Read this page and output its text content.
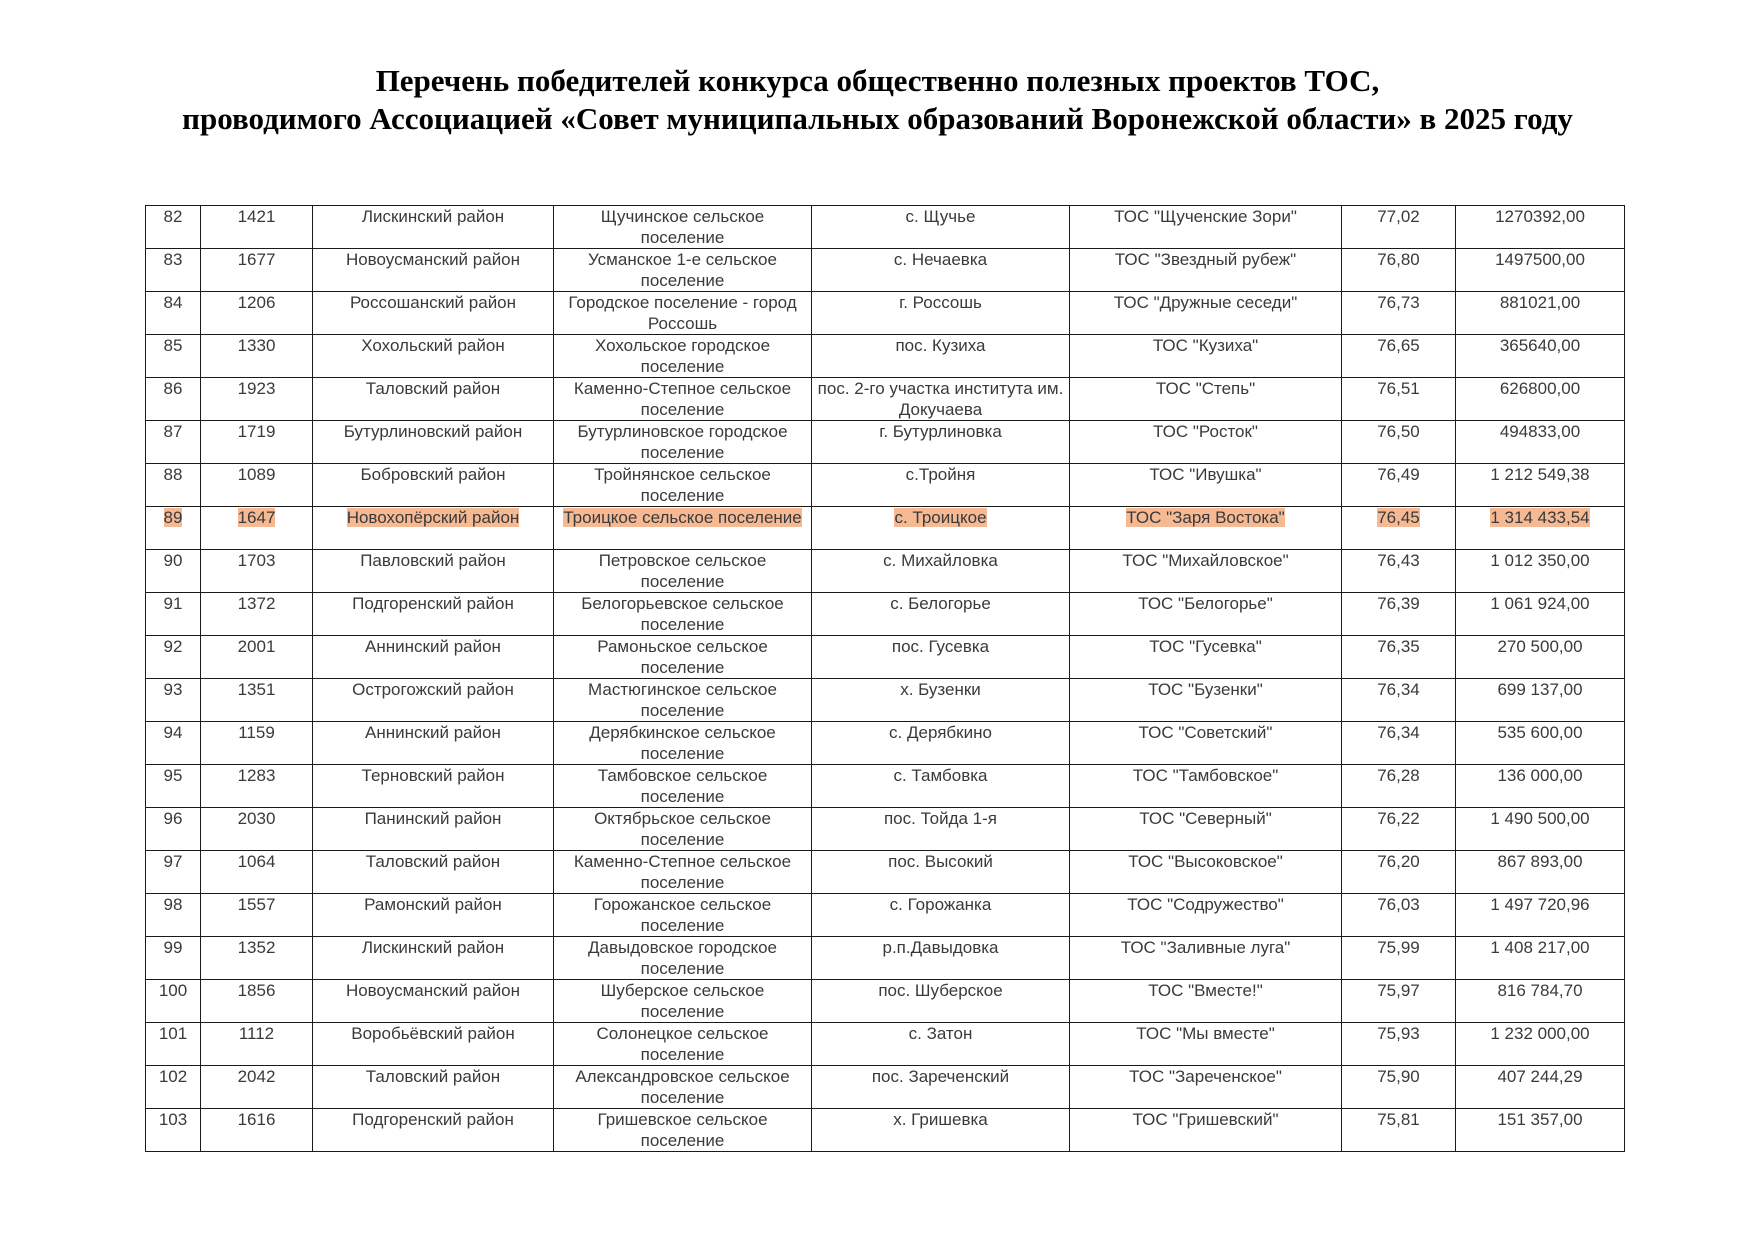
Перечень победителей конкурса общественно полезных проектов ТОС,
проводимого Ассоциацией «Совет муниципальных образований Воронежской области» в 2025 году
82	1421	Лискинский район	Щучинское сельское поселение	с. Щучье	ТОС "Щученские Зори"	77,02	1270392,00
83	1677	Новоусманский район	Усманское 1-е сельское поселение	с. Нечаевка	ТОС "Звездный рубеж"	76,80	1497500,00
84	1206	Россошанский район	Городское поселение - город Россошь	г. Россошь	ТОС "Дружные сеседи"	76,73	881021,00
85	1330	Хохольский район	Хохольское городское поселение	пос. Кузиха	ТОС "Кузиха"	76,65	365640,00
86	1923	Таловский район	Каменно-Степное сельское поселение	пос. 2-го участка института им. Докучаева	ТОС "Степь"	76,51	626800,00
87	1719	Бутурлиновский район	Бутурлиновское городское поселение	г. Бутурлиновка	ТОС "Росток"	76,50	494833,00
88	1089	Бобровский район	Тройнянское сельское поселение	с.Тройня	ТОС "Ивушка"	76,49	1 212 549,38
89	1647	Новохопёрский район	Троицкое сельское поселение	с. Троицкое	ТОС "Заря Востока"	76,45	1 314 433,54
90	1703	Павловский район	Петровское сельское поселение	с. Михайловка	ТОС "Михайловское"	76,43	1 012 350,00
91	1372	Подгоренский район	Белогорьевское сельское поселение	с. Белогорье	ТОС "Белогорье"	76,39	1 061 924,00
92	2001	Аннинский район	Рамоньское сельское поселение	пос. Гусевка	ТОС "Гусевка"	76,35	270 500,00
93	1351	Острогожский район	Мастюгинское сельское поселение	х. Бузенки	ТОС "Бузенки"	76,34	699 137,00
94	1159	Аннинский район	Дерябкинское сельское поселение	с. Дерябкино	ТОС "Советский"	76,34	535 600,00
95	1283	Терновский район	Тамбовское сельское поселение	с. Тамбовка	ТОС "Тамбовское"	76,28	136 000,00
96	2030	Панинский район	Октябрьское сельское поселение	пос. Тойда 1-я	ТОС "Северный"	76,22	1 490 500,00
97	1064	Таловский район	Каменно-Степное сельское поселение	пос. Высокий	ТОС "Высоковское"	76,20	867 893,00
98	1557	Рамонский район	Горожанское сельское поселение	с. Горожанка	ТОС "Содружество"	76,03	1 497 720,96
99	1352	Лискинский район	Давыдовское городское поселение	р.п.Давыдовка	ТОС "Заливные луга"	75,99	1 408 217,00
100	1856	Новоусманский район	Шуберское сельское поселение	пос. Шуберское	ТОС "Вместе!"	75,97	816 784,70
101	1112	Воробьёвский район	Солонецкое сельское поселение	с. Затон	ТОС "Мы вместе"	75,93	1 232 000,00
102	2042	Таловский район	Александровское сельское поселение	пос. Зареченский	ТОС "Зареченское"	75,90	407 244,29
103	1616	Подгоренский район	Гришевское сельское поселение	х. Гришевка	ТОС "Гришевский"	75,81	151 357,00
